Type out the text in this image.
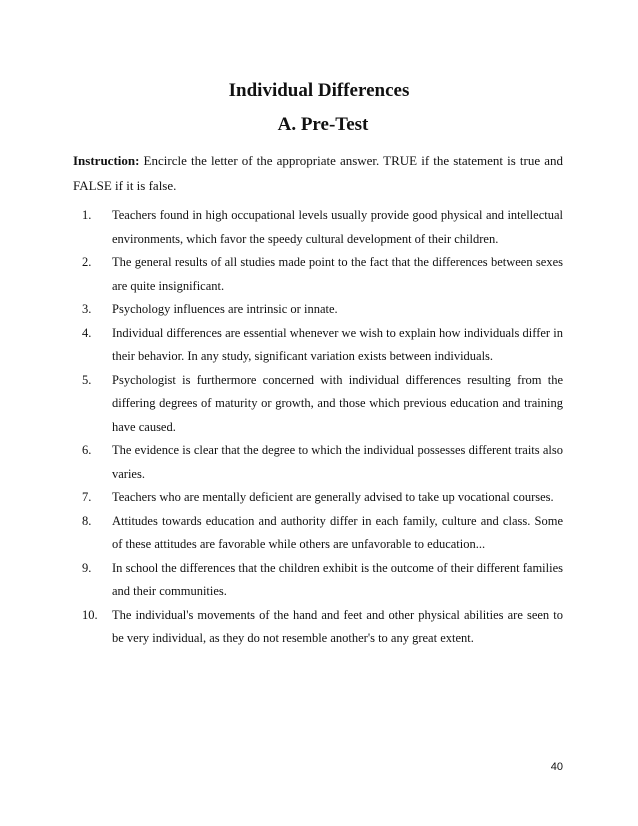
Individual Differences
A. Pre-Test
Instruction: Encircle the letter of the appropriate answer. TRUE if the statement is true and FALSE if it is false.
1. Teachers found in high occupational levels usually provide good physical and intellectual environments, which favor the speedy cultural development of their children.
2. The general results of all studies made point to the fact that the differences between sexes are quite insignificant.
3. Psychology influences are intrinsic or innate.
4. Individual differences are essential whenever we wish to explain how individuals differ in their behavior. In any study, significant variation exists between individuals.
5. Psychologist is furthermore concerned with individual differences resulting from the differing degrees of maturity or growth, and those which previous education and training have caused.
6. The evidence is clear that the degree to which the individual possesses different traits also varies.
7. Teachers who are mentally deficient are generally advised to take up vocational courses.
8. Attitudes towards education and authority differ in each family, culture and class. Some of these attitudes are favorable while others are unfavorable to education...
9. In school the differences that the children exhibit is the outcome of their different families and their communities.
10. The individual's movements of the hand and feet and other physical abilities are seen to be very individual, as they do not resemble another's to any great extent.
40
